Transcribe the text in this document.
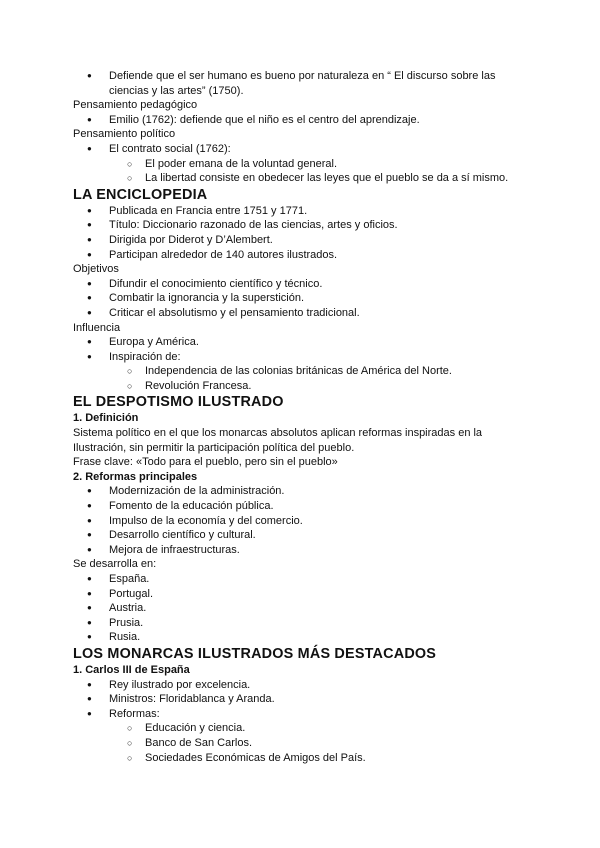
● Defiende que el ser humano es bueno por naturaleza en “ El discurso sobre las ciencias y las artes” (1750).
Pensamiento pedagógico
● Emilio (1762): defiende que el niño es el centro del aprendizaje.
Pensamiento político
● El contrato social (1762):
○ El poder emana de la voluntad general.
○ La libertad consiste en obedecer las leyes que el pueblo se da a sí mismo.
LA ENCICLOPEDIA
● Publicada en Francia entre 1751 y 1771.
● Título: Diccionario razonado de las ciencias, artes y oficios.
● Dirigida por Diderot y D’Alembert.
● Participan alrededor de 140 autores ilustrados.
Objetivos
● Difundir el conocimiento científico y técnico.
● Combatir la ignorancia y la superstición.
● Criticar el absolutismo y el pensamiento tradicional.
Influencia
● Europa y América.
● Inspiración de:
○ Independencia de las colonias británicas de América del Norte.
○ Revolución Francesa.
EL DESPOTISMO ILUSTRADO
1. Definición
Sistema político en el que los monarcas absolutos aplican reformas inspiradas en la Ilustración, sin permitir la participación política del pueblo.
Frase clave: «Todo para el pueblo, pero sin el pueblo»
2. Reformas principales
● Modernización de la administración.
● Fomento de la educación pública.
● Impulso de la economía y del comercio.
● Desarrollo científico y cultural.
● Mejora de infraestructuras.
Se desarrolla en:
● España.
● Portugal.
● Austria.
● Prusia.
● Rusia.
LOS MONARCAS ILUSTRADOS MÁS DESTACADOS
1. Carlos III de España
● Rey ilustrado por excelencia.
● Ministros: Floridablanca y Aranda.
● Reformas:
○ Educación y ciencia.
○ Banco de San Carlos.
○ Sociedades Económicas de Amigos del País.
